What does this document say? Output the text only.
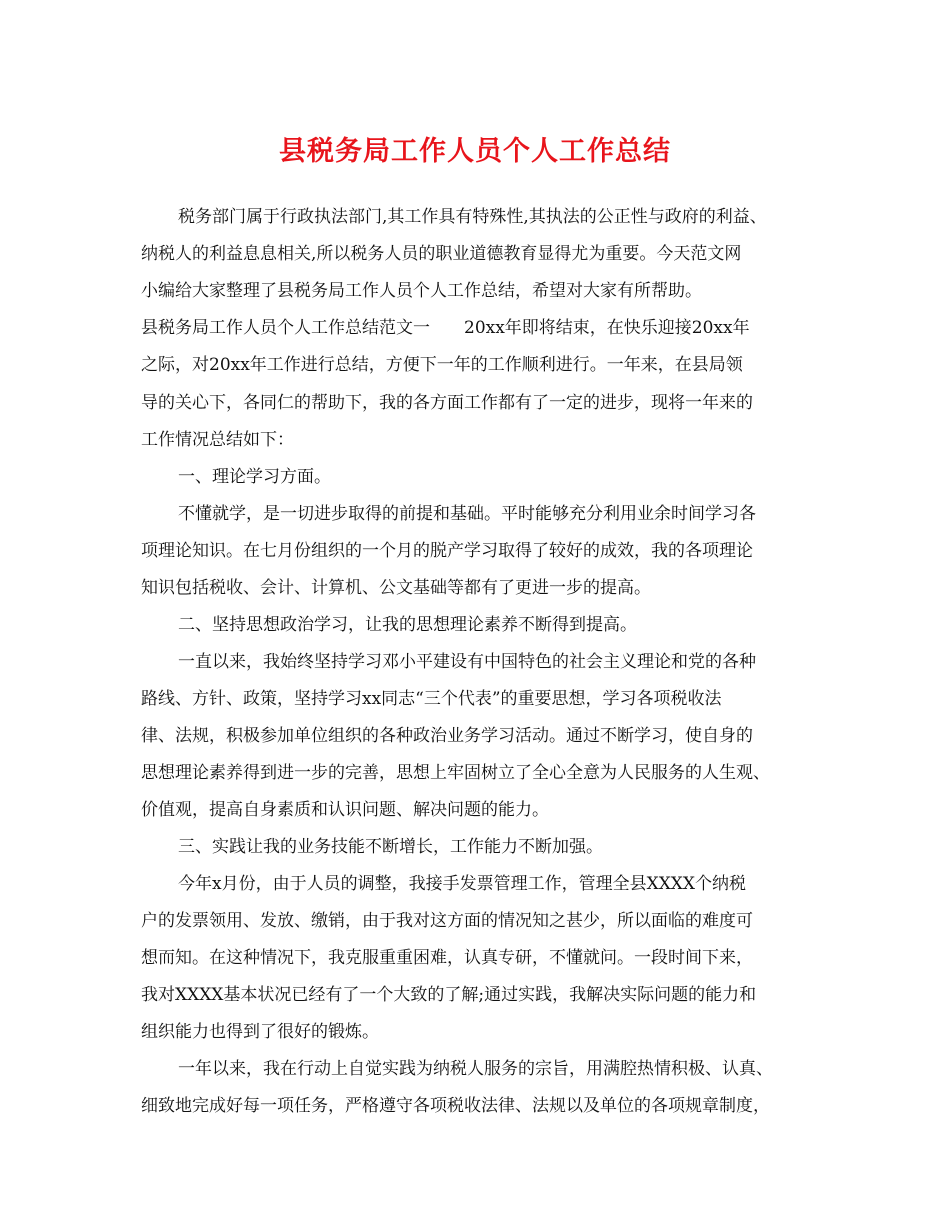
县税务局工作人员个人工作总结
税务部门属于行政执法部门,其工作具有特殊性,其执法的公正性与政府的利益、
纳税人的利益息息相关,所以税务人员的职业道德教育显得尤为重要。今天范文网
小编给大家整理了县税务局工作人员个人工作总结，希望对大家有所帮助。
县税务局工作人员个人工作总结范文一　　20xx年即将结束，在快乐迎接20xx年
之际，对20xx年工作进行总结，方便下一年的工作顺利进行。一年来，在县局领
导的关心下，各同仁的帮助下，我的各方面工作都有了一定的进步，现将一年来的
工作情况总结如下：
一、理论学习方面。
不懂就学，是一切进步取得的前提和基础。平时能够充分利用业余时间学习各
项理论知识。在七月份组织的一个月的脱产学习取得了较好的成效，我的各项理论
知识包括税收、会计、计算机、公文基础等都有了更进一步的提高。
二、坚持思想政治学习，让我的思想理论素养不断得到提高。
一直以来，我始终坚持学习邓小平建设有中国特色的社会主义理论和党的各种
路线、方针、政策，坚持学习xx同志“三个代表”的重要思想，学习各项税收法
律、法规，积极参加单位组织的各种政治业务学习活动。通过不断学习，使自身的
思想理论素养得到进一步的完善，思想上牢固树立了全心全意为人民服务的人生观、
价值观，提高自身素质和认识问题、解决问题的能力。
三、实践让我的业务技能不断增长，工作能力不断加强。
今年x月份，由于人员的调整，我接手发票管理工作，管理全县XXXX个纳税
户的发票领用、发放、缴销，由于我对这方面的情况知之甚少，所以面临的难度可
想而知。在这种情况下，我克服重重困难，认真专研，不懂就问。一段时间下来，
我对XXXX基本状况已经有了一个大致的了解;通过实践，我解决实际问题的能力和
组织能力也得到了很好的锻炼。
一年以来，我在行动上自觉实践为纳税人服务的宗旨，用满腔热情积极、认真、
细致地完成好每一项任务，严格遵守各项税收法律、法规以及单位的各项规章制度，
